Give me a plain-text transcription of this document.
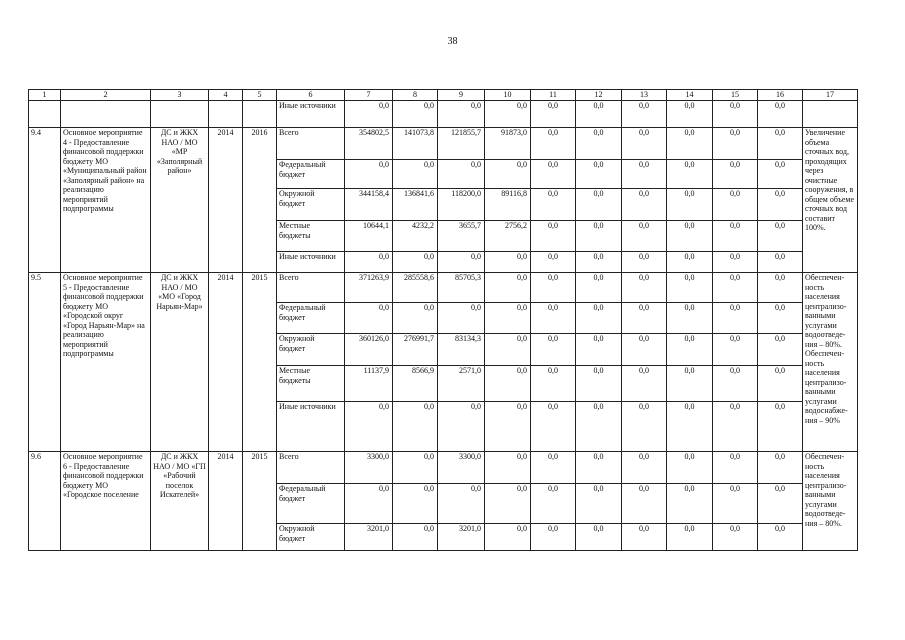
38
1	2	3	4	5	6	7	8	9	10	11	12	13	14	15	16	17
					Иные источники	0,0	0,0	0,0	0,0	0,0	0,0	0,0	0,0	0,0	0,0	
9.4	Основное мероприятие 4 - Предоставление финансовой поддержки бюджету МО «Муниципальный район «Заполярный район» на реализацию мероприятий подпрограммы	ДС и ЖКХ НАО / МО «МР «Заполярный район»	2014	2016	Всего	354802,5	141073,8	121855,7	91873,0	0,0	0,0	0,0	0,0	0,0	0,0	Увеличение объема сточных вод, проходящих через очистные сооружения, в общем объеме сточных вод составит 100%.
					Федеральный бюджет	0,0	0,0	0,0	0,0	0,0	0,0	0,0	0,0	0,0	0,0	
					Окружной бюджет	344158,4	136841,6	118200,0	89116,8	0,0	0,0	0,0	0,0	0,0	0,0	
					Местные бюджеты	10644,1	4232,2	3655,7	2756,2	0,0	0,0	0,0	0,0	0,0	0,0	
					Иные источники	0,0	0,0	0,0	0,0	0,0	0,0	0,0	0,0	0,0	0,0	
9.5	Основное мероприятие 5 - Предоставление финансовой поддержки бюджету МО «Городской округ «Город Нарьян-Мар» на реализацию мероприятий подпрограммы	ДС и ЖКХ НАО / МО «МО «Город Нарьян-Мар»	2014	2015	Всего	371263,9	285558,6	85705,3	0,0	0,0	0,0	0,0	0,0	0,0	0,0	Обеспечен-ность населения централизо-ванными услугами водоотведе-ния – 80%. Обеспечен-ность населения централизо-ванными услугами водоснабже-ния – 90%
					Федеральный бюджет	0,0	0,0	0,0	0,0	0,0	0,0	0,0	0,0	0,0	0,0	
					Окружной бюджет	360126,0	276991,7	83134,3	0,0	0,0	0,0	0,0	0,0	0,0	0,0	
					Местные бюджеты	11137,9	8566,9	2571,0	0,0	0,0	0,0	0,0	0,0	0,0	0,0	
					Иные источники	0,0	0,0	0,0	0,0	0,0	0,0	0,0	0,0	0,0	0,0	
9.6	Основное мероприятие 6 - Предоставление финансовой поддержки бюджету МО «Городское поселение	ДС и ЖКХ НАО / МО «ГП «Рабочий поселок Искателей»	2014	2015	Всего	3300,0	0,0	3300,0	0,0	0,0	0,0	0,0	0,0	0,0	0,0	Обеспечен-ность населения централизо-ванными услугами водоотведе-ния – 80%.
					Федеральный бюджет	0,0	0,0	0,0	0,0	0,0	0,0	0,0	0,0	0,0	0,0	
					Окружной бюджет	3201,0	0,0	3201,0	0,0	0,0	0,0	0,0	0,0	0,0	0,0	
